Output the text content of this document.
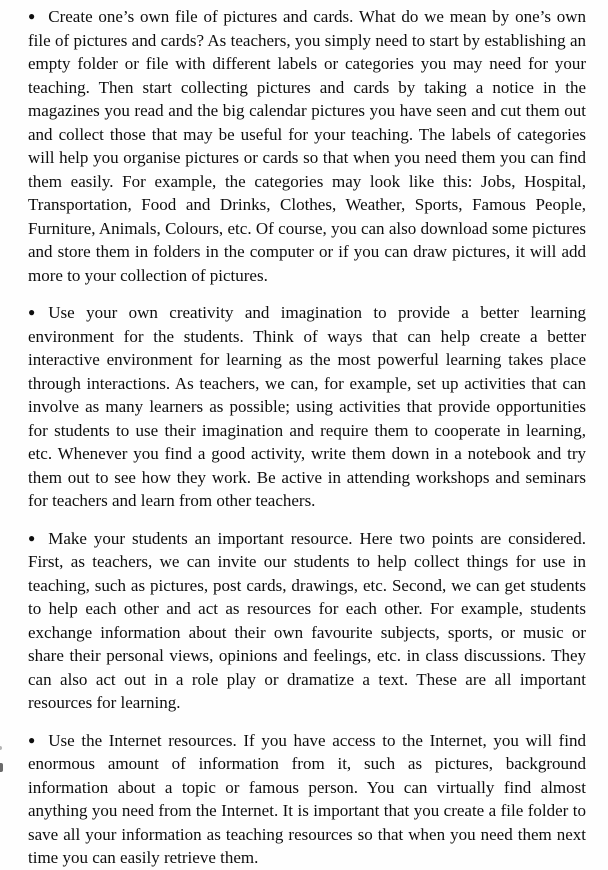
● Create one’s own file of pictures and cards. What do we mean by one’s own file of pictures and cards? As teachers, you simply need to start by establishing an empty folder or file with different labels or categories you may need for your teaching. Then start collecting pictures and cards by taking a notice in the magazines you read and the big calendar pictures you have seen and cut them out and collect those that may be useful for your teaching. The labels of categories will help you organise pictures or cards so that when you need them you can find them easily. For example, the categories may look like this: Jobs, Hospital, Transportation, Food and Drinks, Clothes, Weather, Sports, Famous People, Furniture, Animals, Colours, etc. Of course, you can also download some pictures and store them in folders in the computer or if you can draw pictures, it will add more to your collection of pictures.

● Use your own creativity and imagination to provide a better learning environment for the students. Think of ways that can help create a better interactive environment for learning as the most powerful learning takes place through interactions. As teachers, we can, for example, set up activities that can involve as many learners as possible; using activities that provide opportunities for students to use their imagination and require them to cooperate in learning, etc. Whenever you find a good activity, write them down in a notebook and try them out to see how they work. Be active in attending workshops and seminars for teachers and learn from other teachers.

● Make your students an important resource. Here two points are considered. First, as teachers, we can invite our students to help collect things for use in teaching, such as pictures, post cards, drawings, etc. Second, we can get students to help each other and act as resources for each other. For example, students exchange information about their own favourite subjects, sports, or music or share their personal views, opinions and feelings, etc. in class discussions. They can also act out in a role play or dramatize a text. These are all important resources for learning.

● Use the Internet resources. If you have access to the Internet, you will find enormous amount of information from it, such as pictures, background information about a topic or famous person. You can virtually find almost anything you need from the Internet. It is important that you create a file folder to save all your information as teaching resources so that when you need them next time you can easily retrieve them.
